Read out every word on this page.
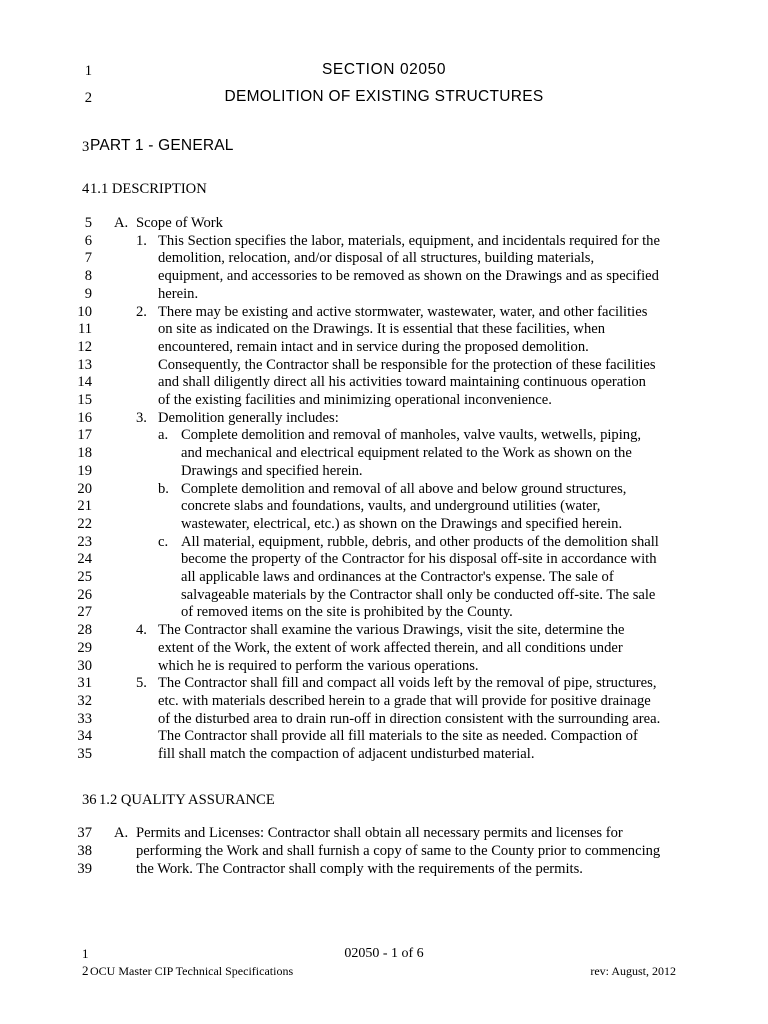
1	SECTION 02050
2	DEMOLITION OF EXISTING STRUCTURES
3 PART 1 - GENERAL
4 1.1 DESCRIPTION
5 A. Scope of Work
6	1. This Section specifies the labor, materials, equipment, and incidentals required for the
7	demolition, relocation, and/or disposal of all structures, building materials,
8	equipment, and accessories to be removed as shown on the Drawings and as specified
9	herein.
10	2. There may be existing and active stormwater, wastewater, water, and other facilities
11	on site as indicated on the Drawings. It is essential that these facilities, when
12	encountered, remain intact and in service during the proposed demolition.
13	Consequently, the Contractor shall be responsible for the protection of these facilities
14	and shall diligently direct all his activities toward maintaining continuous operation
15	of the existing facilities and minimizing operational inconvenience.
16	3. Demolition generally includes:
17	a. Complete demolition and removal of manholes, valve vaults, wetwells, piping,
18	and mechanical and electrical equipment related to the Work as shown on the
19	Drawings and specified herein.
20	b. Complete demolition and removal of all above and below ground structures,
21	concrete slabs and foundations, vaults, and underground utilities (water,
22	wastewater, electrical, etc.) as shown on the Drawings and specified herein.
23	c. All material, equipment, rubble, debris, and other products of the demolition shall
24	become the property of the Contractor for his disposal off-site in accordance with
25	all applicable laws and ordinances at the Contractor's expense. The sale of
26	salvageable materials by the Contractor shall only be conducted off-site. The sale
27	of removed items on the site is prohibited by the County.
28	4. The Contractor shall examine the various Drawings, visit the site, determine the
29	extent of the Work, the extent of work affected therein, and all conditions under
30	which he is required to perform the various operations.
31	5. The Contractor shall fill and compact all voids left by the removal of pipe, structures,
32	etc. with materials described herein to a grade that will provide for positive drainage
33	of the disturbed area to drain run-off in direction consistent with the surrounding area.
34	The Contractor shall provide all fill materials to the site as needed. Compaction of
35	fill shall match the compaction of adjacent undisturbed material.
36 1.2 QUALITY ASSURANCE
37 A. Permits and Licenses: Contractor shall obtain all necessary permits and licenses for
38	performing the Work and shall furnish a copy of same to the County prior to commencing
39	the Work. The Contractor shall comply with the requirements of the permits.
1	02050 - 1 of 6
2 OCU Master CIP Technical Specifications	rev: August, 2012
